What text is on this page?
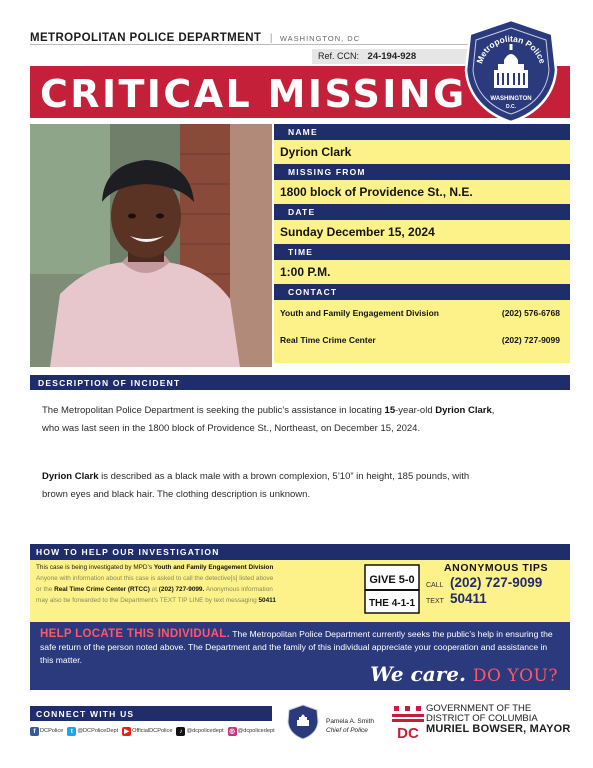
METROPOLITAN POLICE DEPARTMENT | WASHINGTON, DC
Ref. CCN: 24-194-928
CRITICAL MISSING
Metropolitan Police
WASHINGTON
D.C.
NAME
Dyrion Clark
MISSING FROM
1800 block of Providence St., N.E.
DATE
Sunday December 15, 2024
TIME
1:00 P.M.
CONTACT
Youth and Family Engagement Division	(202) 576-6768
Real Time Crime Center	(202) 727-9099
DESCRIPTION OF INCIDENT
The Metropolitan Police Department is seeking the public’s assistance in locating 15-year-old Dyrion Clark,
who was last seen in the 1800 block of Providence St., Northeast, on December 15, 2024.
Dyrion Clark is described as a black male with a brown complexion, 5’10” in height, 185 pounds, with
brown eyes and black hair. The clothing description is unknown.
HOW TO HELP OUR INVESTIGATION
This case is being investigated by MPD’s Youth and Family Engagement Division
Anyone with information about this case is asked to call the detective[s] listed above
or the Real Time Crime Center (RTCC) at (202) 727-9099. Anonymous information
may also be forwarded to the Department’s TEXT TIP LINE by text messaging 50411
GIVE 5-0
THE 4-1-1
ANONYMOUS TIPS
CALL (202) 727-9099
TEXT 50411
HELP LOCATE THIS INDIVIDUAL. The Metropolitan Police Department currently seeks the public’s help in ensuring the safe return of the person noted above. The Department and the family of this individual appreciate your cooperation and assistance in this matter.
We care. DO YOU?
CONNECT WITH US
f DCPolice	t @DCPoliceDept ▶ OfficialDCPolice	♪ @dcpolicedept ◎ @dcpolicedept
Pamela A. Smith
Chief of Police	DC
GOVERNMENT OF THE
DISTRICT OF COLUMBIA
MURIEL BOWSER, MAYOR
